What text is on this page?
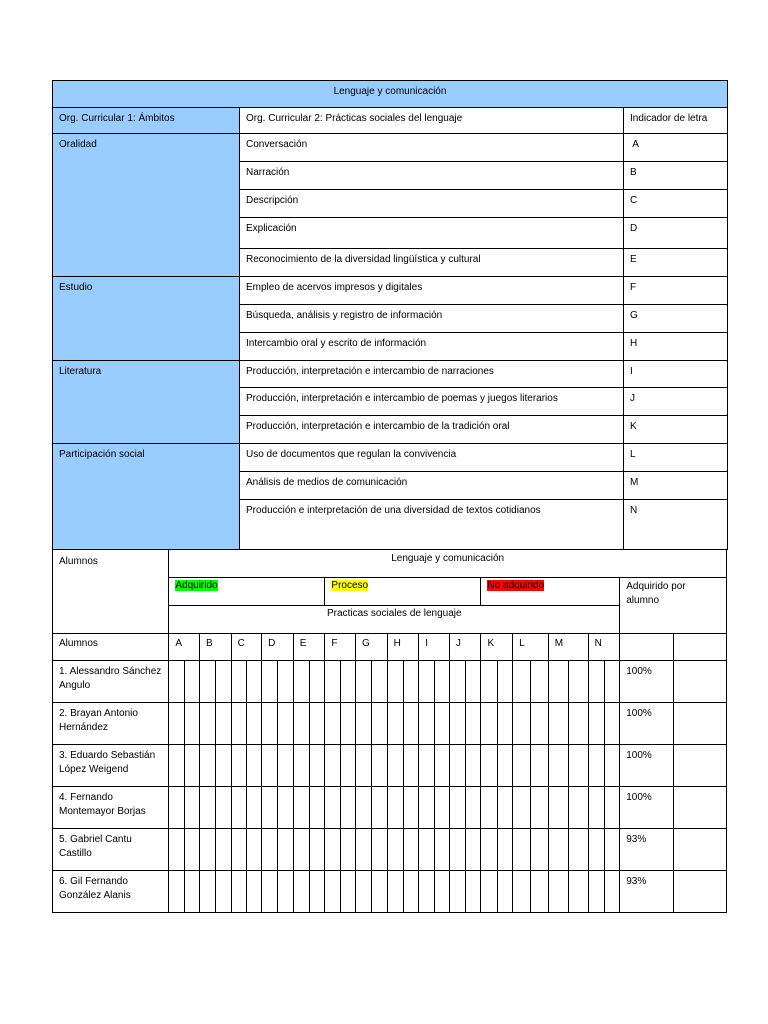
Lenguaje y comunicación		
Org. Curricular 1: Ámbitos	Org. Curricular 2: Prácticas sociales del lenguaje	Indicador de letra
Oralidad	Conversación	A
	Narración	B
	Descripción	C
	Explicación	D
	Reconocimiento de la diversidad lingüística y cultural	E
Estudio	Empleo de acervos impresos y digitales	F
	Búsqueda, análisis y registro de información	G
	Intercambio oral y escrito de información	H
Literatura	Producción, interpretación e intercambio de narraciones	I
	Producción, interpretación e intercambio de poemas y juegos literarios	J
	Producción, interpretación e intercambio de la tradición oral	K
Participación social	Uso de documentos que regulan la convivencia	L
	Análisis de medios de comunicación	M
	Producción e interpretación de una diversidad de textos cotidianos	N
Alumnos	Lenguaje y comunicación																													
	Adquirido										Proceso										No adquirido								Adquirido por alumno	
	Practicas sociales de lenguaje																													
Alumnos	A		B		C		D		E		F		G		H		I		J		K		L		M		N			
1. Alessandro Sánchez Angulo																													100%	
2. Brayan Antonio Hernández																													100%	
3. Eduardo Sebastián López Weigend																													100%	
4. Fernando Montemayor Borjas																													100%	
5. Gabriel Cantu Castillo																													93%	
6. Gil Fernando González Alanis																													93%	
